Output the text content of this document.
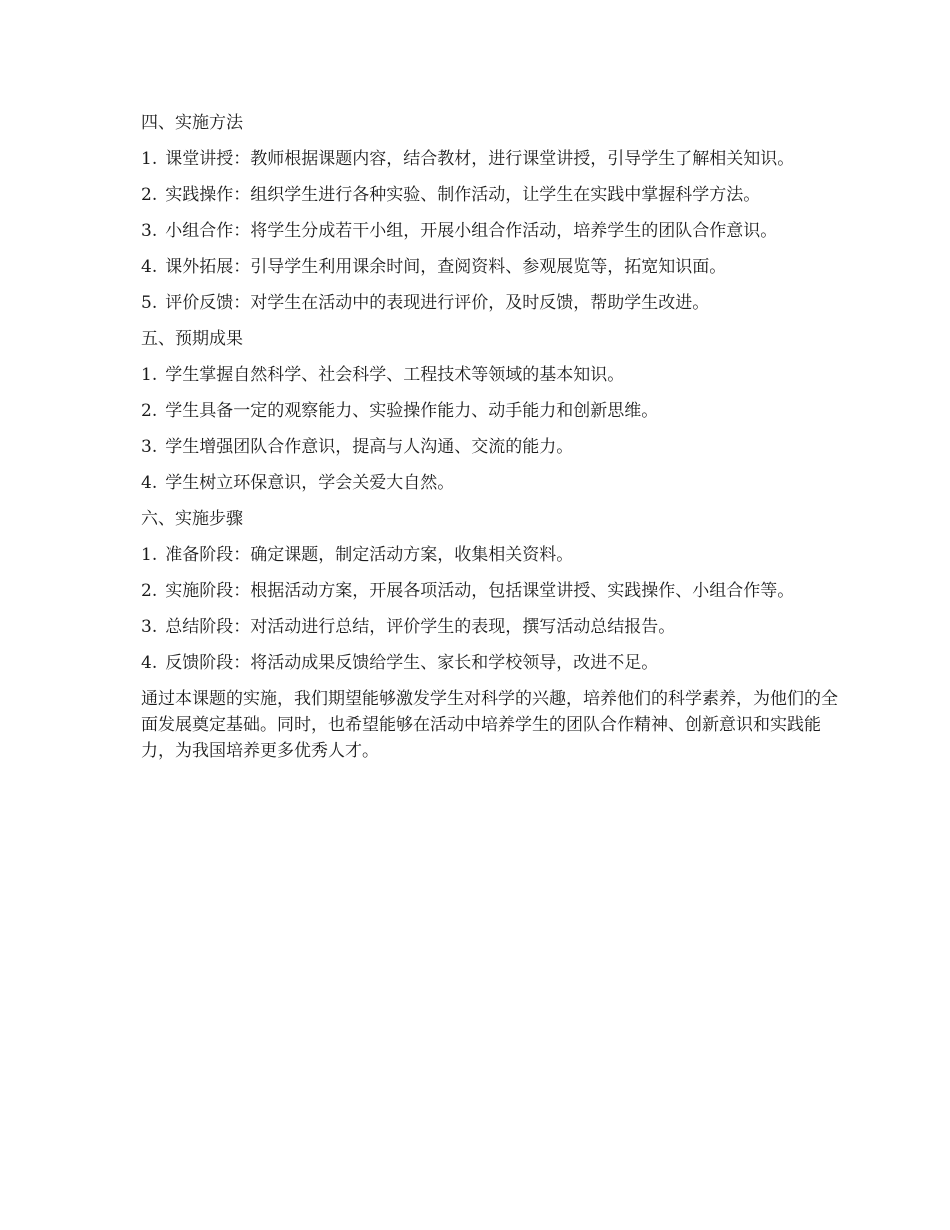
四、实施方法

1. 课堂讲授：教师根据课题内容，结合教材，进行课堂讲授，引导学生了解相关知识。

2. 实践操作：组织学生进行各种实验、制作活动，让学生在实践中掌握科学方法。

3. 小组合作：将学生分成若干小组，开展小组合作活动，培养学生的团队合作意识。

4. 课外拓展：引导学生利用课余时间，查阅资料、参观展览等，拓宽知识面。

5. 评价反馈：对学生在活动中的表现进行评价，及时反馈，帮助学生改进。

五、预期成果

1. 学生掌握自然科学、社会科学、工程技术等领域的基本知识。

2. 学生具备一定的观察能力、实验操作能力、动手能力和创新思维。

3. 学生增强团队合作意识，提高与人沟通、交流的能力。

4. 学生树立环保意识，学会关爱大自然。

六、实施步骤

1. 准备阶段：确定课题，制定活动方案，收集相关资料。

2. 实施阶段：根据活动方案，开展各项活动，包括课堂讲授、实践操作、小组合作等。

3. 总结阶段：对活动进行总结，评价学生的表现，撰写活动总结报告。

4. 反馈阶段：将活动成果反馈给学生、家长和学校领导，改进不足。

通过本课题的实施，我们期望能够激发学生对科学的兴趣，培养他们的科学素养，为他们的全面发展奠定基础。同时，也希望能够在活动中培养学生的团队合作精神、创新意识和实践能力，为我国培养更多优秀人才。
